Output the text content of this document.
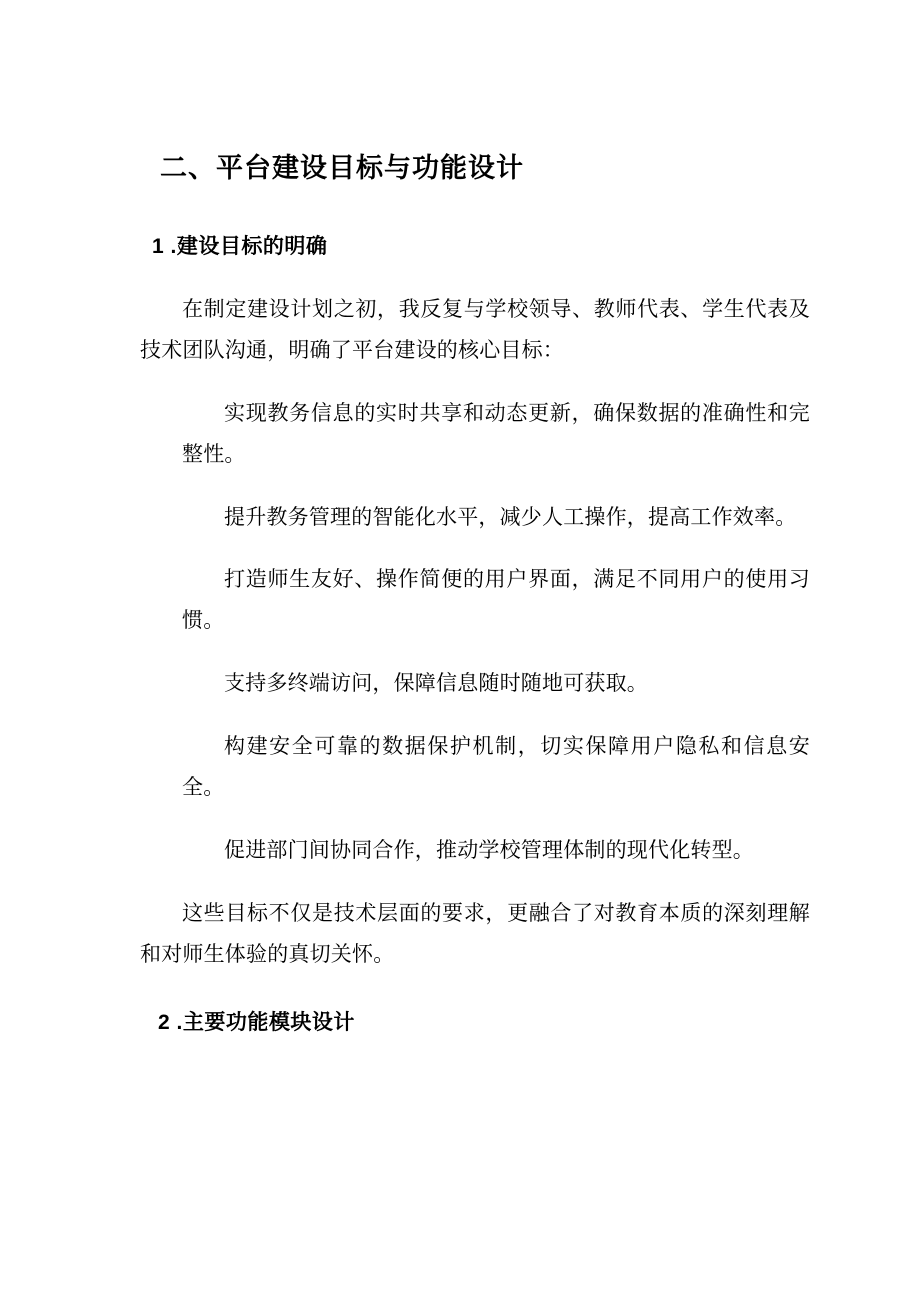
二、平台建设目标与功能设计
1 .建设目标的明确

在制定建设计划之初，我反复与学校领导、教师代表、学生代表及技术团队沟通，明确了平台建设的核心目标：

实现教务信息的实时共享和动态更新，确保数据的准确性和完整性。

提升教务管理的智能化水平，减少人工操作，提高工作效率。

打造师生友好、操作简便的用户界面，满足不同用户的使用习惯。

支持多终端访问，保障信息随时随地可获取。

构建安全可靠的数据保护机制，切实保障用户隐私和信息安全。

促进部门间协同合作，推动学校管理体制的现代化转型。

这些目标不仅是技术层面的要求，更融合了对教育本质的深刻理解和对师生体验的真切关怀。

2 .主要功能模块设计
